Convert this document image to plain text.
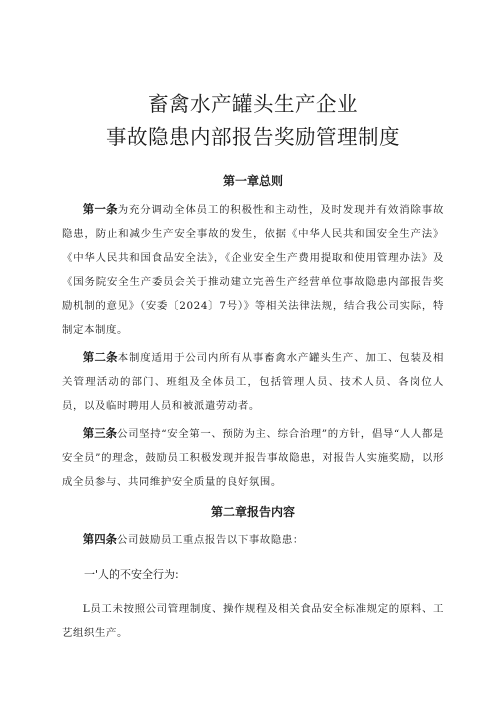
畜禽水产罐头生产企业
事故隐患内部报告奖励管理制度
第一章总则

第一条为充分调动全体员工的积极性和主动性，及时发现并有效消除事故隐患，防止和减少生产安全事故的发生，依据《中华人民共和国安全生产法》《中华人民共和国食品安全法》，《企业安全生产费用提取和使用管理办法》及《国务院安全生产委员会关于推动建立完善生产经营单位事故隐患内部报告奖励机制的意见》（安委〔2024〕7号）》等相关法律法规，结合我公司实际，特制定本制度。

第二条本制度适用于公司内所有从事畜禽水产罐头生产、加工、包装及相关管理活动的部门、班组及全体员工，包括管理人员、技术人员、各岗位人员，以及临时聘用人员和被派遣劳动者。

第三条公司坚持“安全第一、预防为主、综合治理”的方针，倡导“人人都是安全员”的理念，鼓励员工积极发现并报告事故隐患，对报告人实施奖励，以形成全员参与、共同维护安全质量的良好氛围。

第二章报告内容

第四条公司鼓励员工重点报告以下事故隐患：

一'人的不安全行为:

L员工未按照公司管理制度、操作规程及相关食品安全标准规定的原料、工艺组织生产。
